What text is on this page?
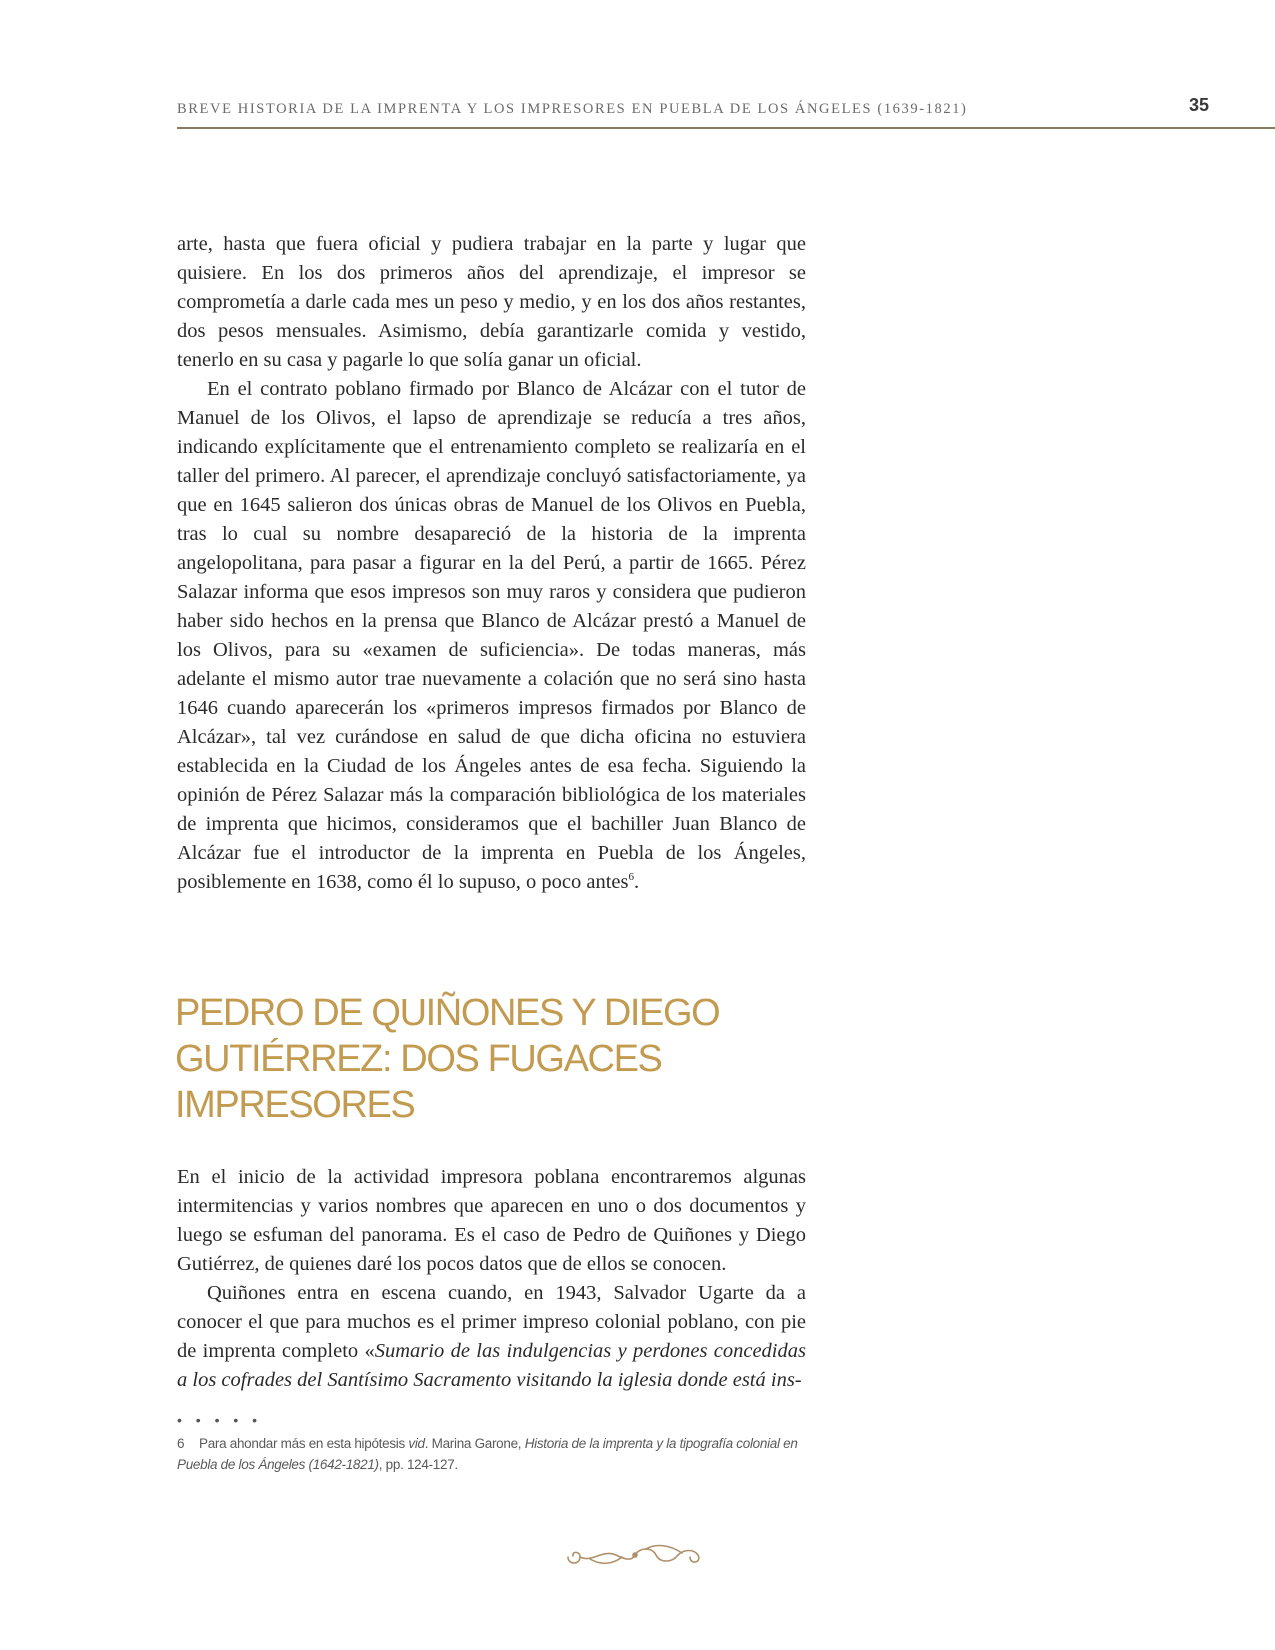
BREVE HISTORIA DE LA IMPRENTA Y LOS IMPRESORES EN PUEBLA DE LOS ÁNGELES (1639-1821)	35

arte, hasta que fuera oficial y pudiera trabajar en la parte y lugar que quisiere. En los dos primeros años del aprendizaje, el impresor se comprometía a darle cada mes un peso y medio, y en los dos años restantes, dos pesos mensuales. Asimismo, debía garantizarle comida y vestido, tenerlo en su casa y pagarle lo que solía ganar un oficial.

En el contrato poblano firmado por Blanco de Alcázar con el tutor de Manuel de los Olivos, el lapso de aprendizaje se reducía a tres años, indicando explícitamente que el entrenamiento completo se realizaría en el taller del primero. Al parecer, el aprendizaje concluyó satisfactoriamente, ya que en 1645 salieron dos únicas obras de Manuel de los Olivos en Puebla, tras lo cual su nombre desapareció de la historia de la imprenta angelopolitana, para pasar a figurar en la del Perú, a partir de 1665. Pérez Salazar informa que esos impresos son muy raros y considera que pudieron haber sido hechos en la prensa que Blanco de Alcázar prestó a Manuel de los Olivos, para su «examen de suficiencia». De todas maneras, más adelante el mismo autor trae nuevamente a colación que no será sino hasta 1646 cuando aparecerán los «primeros impresos firmados por Blanco de Alcázar», tal vez curándose en salud de que dicha oficina no estuviera establecida en la Ciudad de los Ángeles antes de esa fecha. Siguiendo la opinión de Pérez Salazar más la comparación bibliológica de los materiales de imprenta que hicimos, consideramos que el bachiller Juan Blanco de Alcázar fue el introductor de la imprenta en Puebla de los Ángeles, posiblemente en 1638, como él lo supuso, o poco antes$^6$.

PEDRO DE QUIÑONES Y DIEGO GUTIÉRREZ: DOS FUGACES IMPRESORES

En el inicio de la actividad impresora poblana encontraremos algunas intermitencias y varios nombres que aparecen en uno o dos documentos y luego se esfuman del panorama. Es el caso de Pedro de Quiñones y Diego Gutiérrez, de quienes daré los pocos datos que de ellos se conocen.

Quiñones entra en escena cuando, en 1943, Salvador Ugarte da a conocer el que para muchos es el primer impreso colonial poblano, con pie de imprenta completo «Sumario de las indulgencias y perdones concedidas a los cofrades del Santísimo Sacramento visitando la iglesia donde está ins-

• • • • •
6 Para ahondar más en esta hipótesis vid. Marina Garone, Historia de la imprenta y la tipografía colonial en Puebla de los Ángeles (1642-1821), pp. 124-127.
